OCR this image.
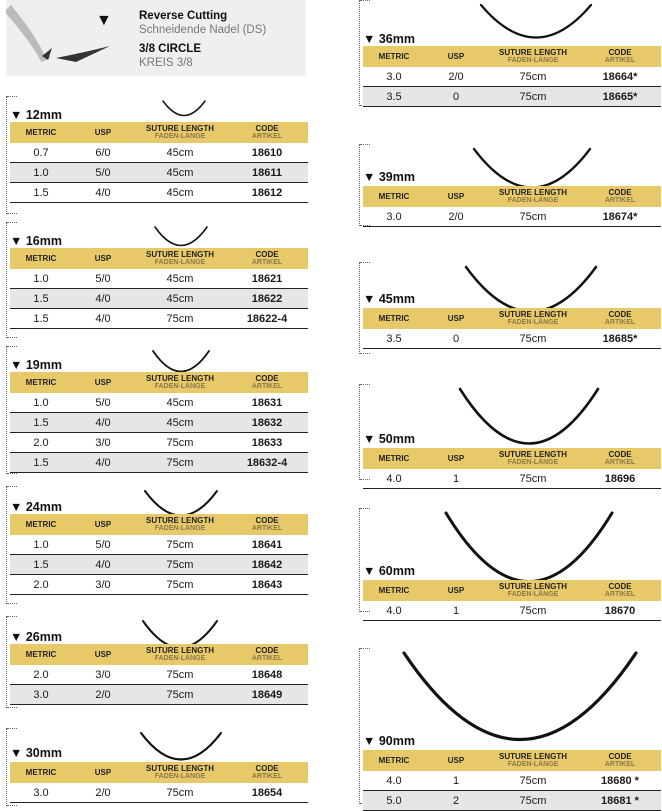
▼ Reverse Cutting
Schneidende Nadel (DS)
3/8 CIRCLE
KREIS 3/8
▼ 12mm
METRIC	USP	SUTURE LENGTH
FADEN-LÄNGE
CODE
ARTIKEL
0.7	6/0	45cm	18610
1.0	5/0	45cm	18611
1.5	4/0	45cm	18612
▼ 16mm
METRIC	USP	SUTURE LENGTH
FADEN-LÄNGE
CODE
ARTIKEL
1.0	5/0	45cm	18621
1.5	4/0	45cm	18622
1.5	4/0	75cm	18622-4
▼ 19mm
METRIC	USP	SUTURE LENGTH
FADEN-LÄNGE
CODE
ARTIKEL
1.0	5/0	45cm	18631
1.5	4/0	45cm	18632
2.0	3/0	75cm	18633
1.5	4/0	75cm	18632-4
▼ 24mm
METRIC	USP	SUTURE LENGTH
FADEN-LÄNGE
CODE
ARTIKEL
1.0	5/0	75cm	18641
1.5	4/0	75cm	18642
2.0	3/0	75cm	18643
▼ 26mm
METRIC	USP	SUTURE LENGTH
FADEN-LÄNGE
CODE
ARTIKEL
2.0	3/0	75cm	18648
3.0	2/0	75cm	18649
▼ 30mm
METRIC	USP	SUTURE LENGTH
FADEN-LÄNGE
CODE
ARTIKEL
3.0	2/0	75cm	18654
▼ 36mm
METRIC	USP	SUTURE LENGTH
FADEN-LÄNGE
CODE
ARTIKEL
3.0	2/0	75cm	18664*
3.5	0	75cm	18665*
▼ 39mm
METRIC	USP	SUTURE LENGTH
FADEN-LÄNGE
CODE
ARTIKEL
3.0	2/0	75cm	18674*
▼ 45mm
METRIC	USP	SUTURE LENGTH
FADEN-LÄNGE
CODE
ARTIKEL
3.5	0	75cm	18685*
▼ 50mm
METRIC	USP	SUTURE LENGTH
FADEN-LÄNGE
CODE
ARTIKEL
4.0	1	75cm	18696
▼ 60mm
METRIC	USP	SUTURE LENGTH
FADEN-LÄNGE
CODE
ARTIKEL
4.0	1	75cm	18670
▼ 90mm
METRIC	USP	SUTURE LENGTH
FADEN-LÄNGE
CODE
ARTIKEL
4.0	1	75cm	18680 *
5.0	2	75cm	18681 *
